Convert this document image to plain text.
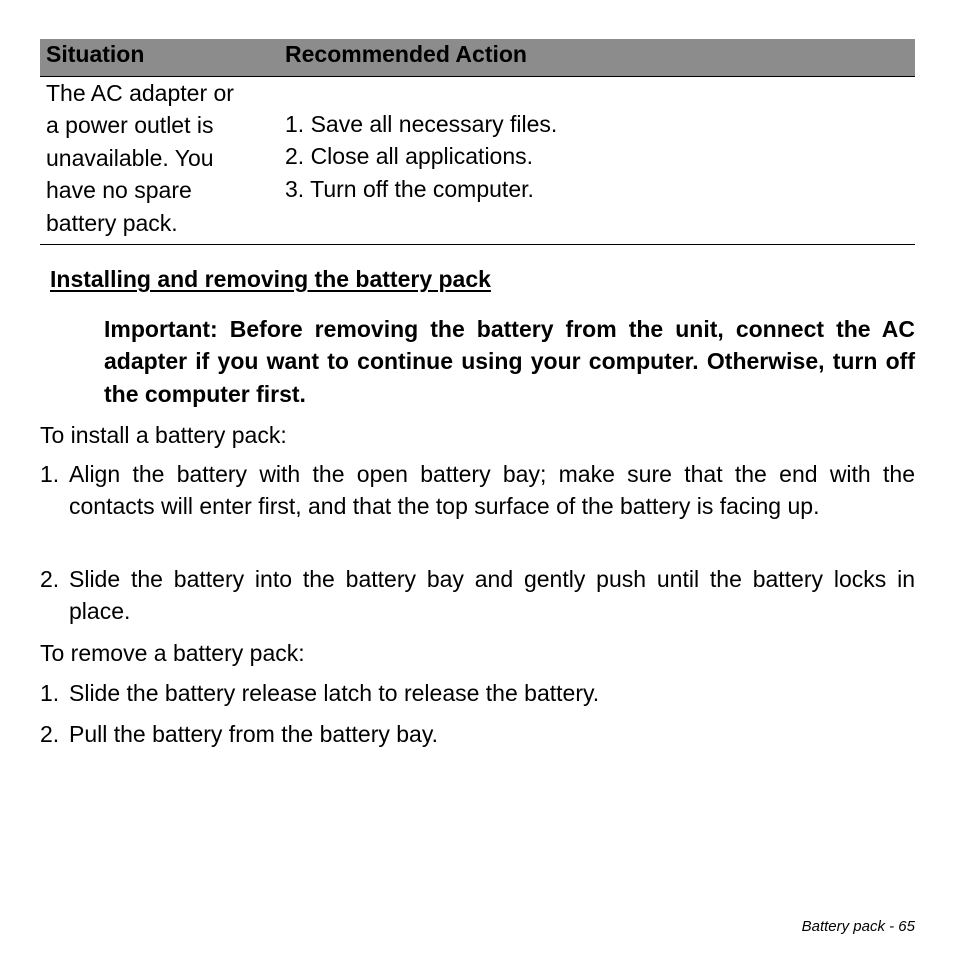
Situation	Recommended Action
The AC adapter or
a power outlet is
unavailable. You
have no spare
battery pack.
1. Save all necessary files.
2. Close all applications.
3. Turn off the computer.
Installing and removing the battery pack
Important: Before removing the battery from the unit, connect the AC adapter if you want to continue using your computer. Otherwise, turn off the computer first.
To install a battery pack:
1. Align the battery with the open battery bay; make sure that the end with the contacts will enter first, and that the top surface of the battery is facing up.
2. Slide the battery into the battery bay and gently push until the battery locks in place.
To remove a battery pack:
1. Slide the battery release latch to release the battery.
2. Pull the battery from the battery bay.
Battery pack - 65
